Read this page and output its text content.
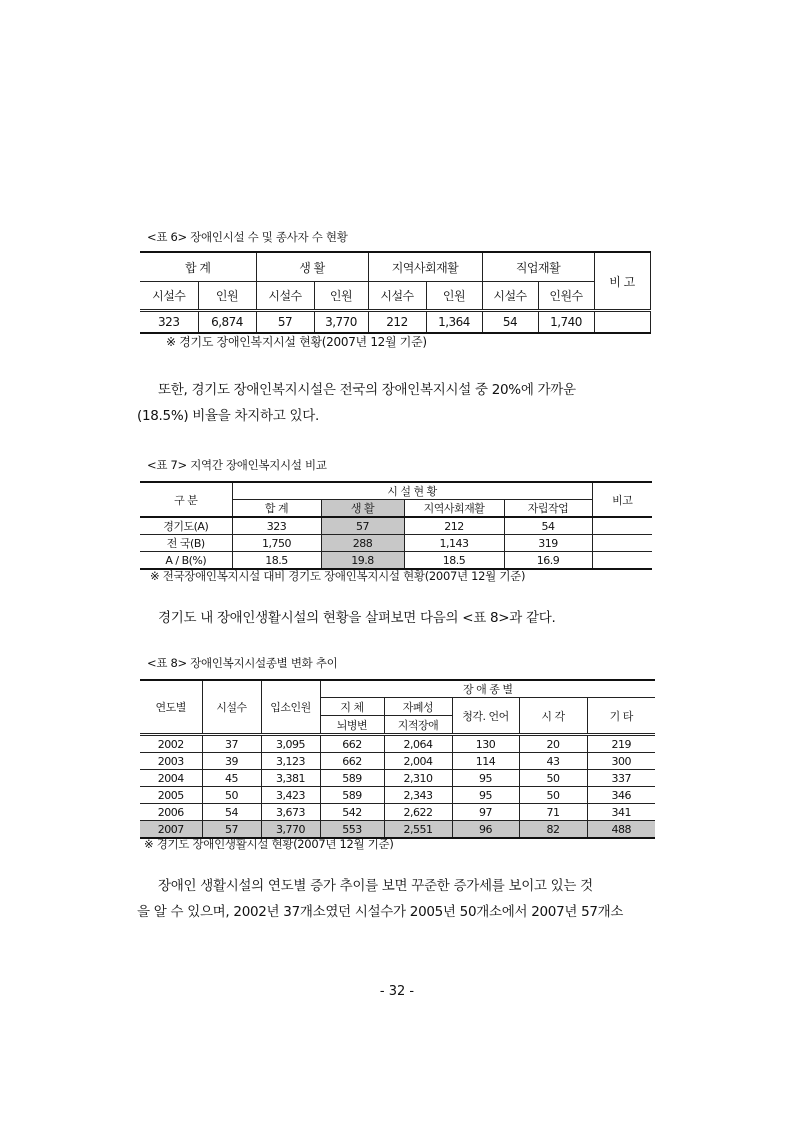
<표 6> 장애인시설 수 및 종사자 수 현황
합 계		생 활		지역사회재활		직업재활		비 고
시설수	인원	시설수	인원	시설수	인원	시설수	인원수	
323	6,874	57	3,770	212	1,364	54	1,740	
※ 경기도 장애인복지시설 현황(2007년 12월 기준)
또한, 경기도 장애인복지시설은 전국의 장애인복지시설 중 20%에 가까운
(18.5%) 비율을 차지하고 있다.
<표 7> 지역간 장애인복지시설 비교
구 분	시 설 현 황				비고
	합 계	생 활	지역사회재활	자립작업	
경기도(A)	323	57	212	54	
전 국(B)	1,750	288	1,143	319	
A / B(%)	18.5	19.8	18.5	16.9	
※ 전국장애인복지시설 대비 경기도 장애인복지시설 현황(2007년 12월 기준)
경기도 내 장애인생활시설의 현황을 살펴보면 다음의 <표 8>과 같다.
<표 8> 장애인복지시설종별 변화 추이
연도별	시설수	입소인원	장 애 종 별				
			지 체	자폐성	청각. 언어	시 각	기 타
			뇌병변	지적장애			
2002	37	3,095	662	2,064	130	20	219
2003	39	3,123	662	2,004	114	43	300
2004	45	3,381	589	2,310	95	50	337
2005	50	3,423	589	2,343	95	50	346
2006	54	3,673	542	2,622	97	71	341
2007	57	3,770	553	2,551	96	82	488
※ 경기도 장애인생활시설 현황(2007년 12월 기준)
장애인 생활시설의 연도별 증가 추이를 보면 꾸준한 증가세를 보이고 있는 것
을 알 수 있으며, 2002년 37개소였던 시설수가 2005년 50개소에서 2007년 57개소
- 32 -
